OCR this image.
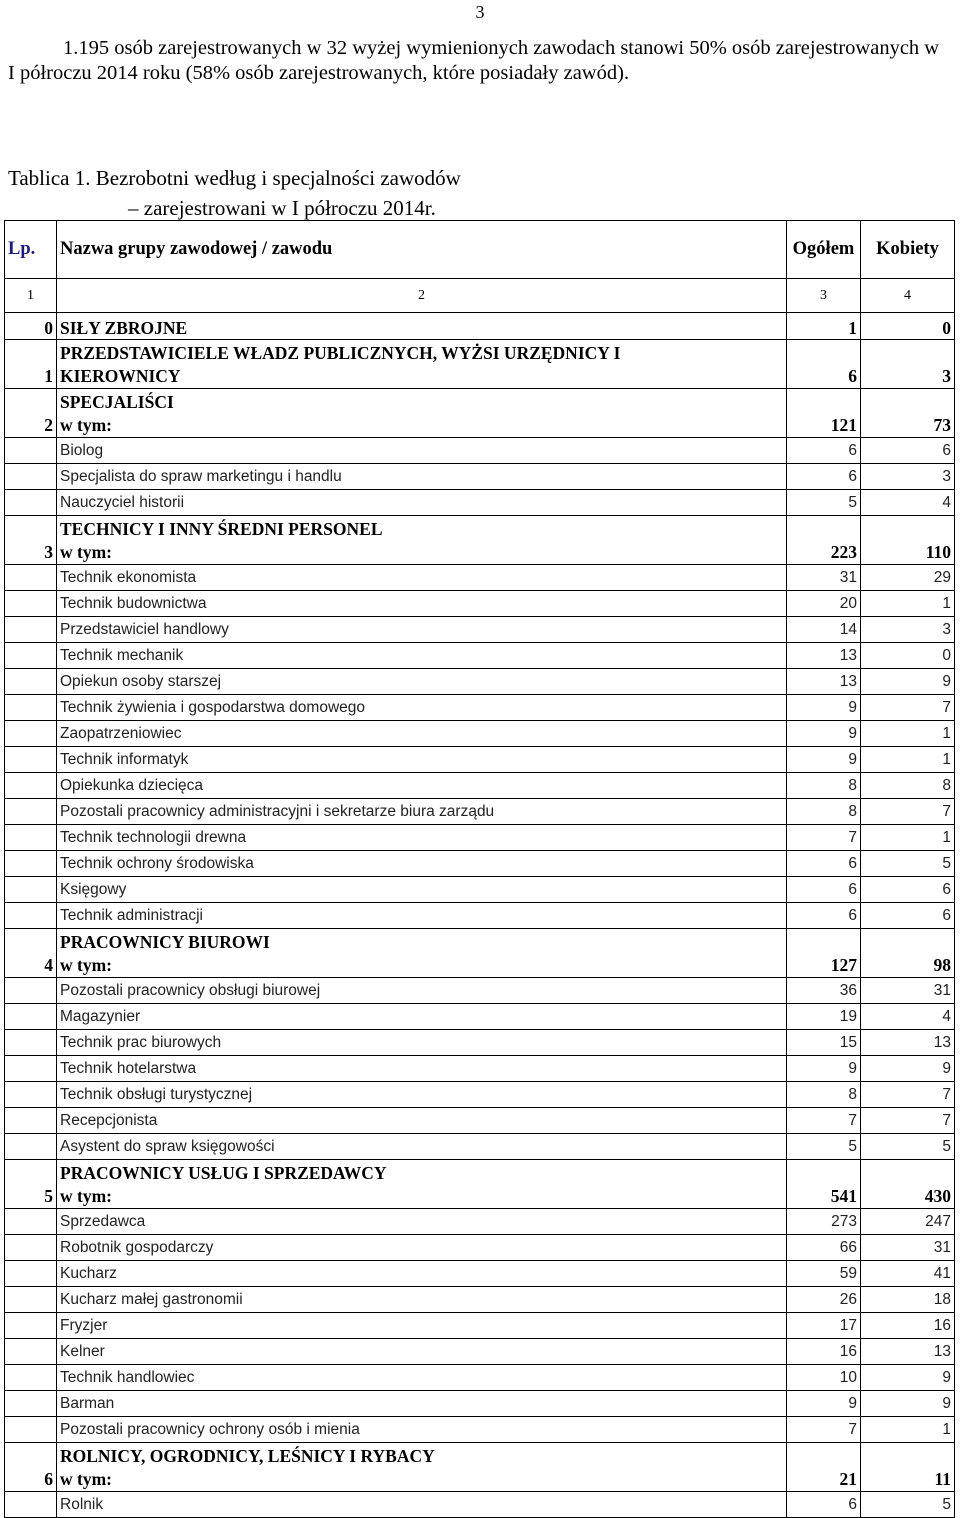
3

1.195 osób zarejestrowanych w 32 wyżej wymienionych zawodach stanowi 50% osób zarejestrowanych w I półroczu 2014 roku (58% osób zarejestrowanych, które posiadały zawód).

Tablica 1. Bezrobotni według i specjalności zawodów
– zarejestrowani w I półroczu 2014r.
Lp.	Nazwa grupy zawodowej / zawodu	Ogółem	Kobiety
1	2	3	4
0	SIŁY ZBROJNE	1	0
1	PRZEDSTAWICIELE WŁADZ PUBLICZNYCH, WYŻSI URZĘDNICY I
KIEROWNICY	6	3
2	SPECJALIŚCI
w tym:	121	73

	Biolog	6	6

	Specjalista do spraw marketingu i handlu	6	3

	Nauczyciel historii	5	4
3	TECHNICY I INNY ŚREDNI PERSONEL
w tym:	223	110

	Technik ekonomista	31	29

	Technik budownictwa	20	1

	Przedstawiciel handlowy	14	3

	Technik mechanik	13	0

	Opiekun osoby starszej	13	9

	Technik żywienia i gospodarstwa domowego	9	7

	Zaopatrzeniowiec	9	1

	Technik informatyk	9	1

	Opiekunka dziecięca	8	8

	Pozostali pracownicy administracyjni i sekretarze biura zarządu	8	7

	Technik technologii drewna	7	1

	Technik ochrony środowiska	6	5

	Księgowy	6	6

	Technik administracji	6	6
4	PRACOWNICY BIUROWI
w tym:	127	98

	Pozostali pracownicy obsługi biurowej	36	31

	Magazynier	19	4

	Technik prac biurowych	15	13

	Technik hotelarstwa	9	9

	Technik obsługi turystycznej	8	7

	Recepcjonista	7	7

	Asystent do spraw księgowości	5	5
5	PRACOWNICY USŁUG I SPRZEDAWCY
w tym:	541	430

	Sprzedawca	273	247

	Robotnik gospodarczy	66	31

	Kucharz	59	41

	Kucharz małej gastronomii	26	18

	Fryzjer	17	16

	Kelner	16	13

	Technik handlowiec	10	9

	Barman	9	9

	Pozostali pracownicy ochrony osób i mienia	7	1
6	ROLNICY, OGRODNICY, LEŚNICY I RYBACY
w tym:	21	11

	Rolnik	6	5
